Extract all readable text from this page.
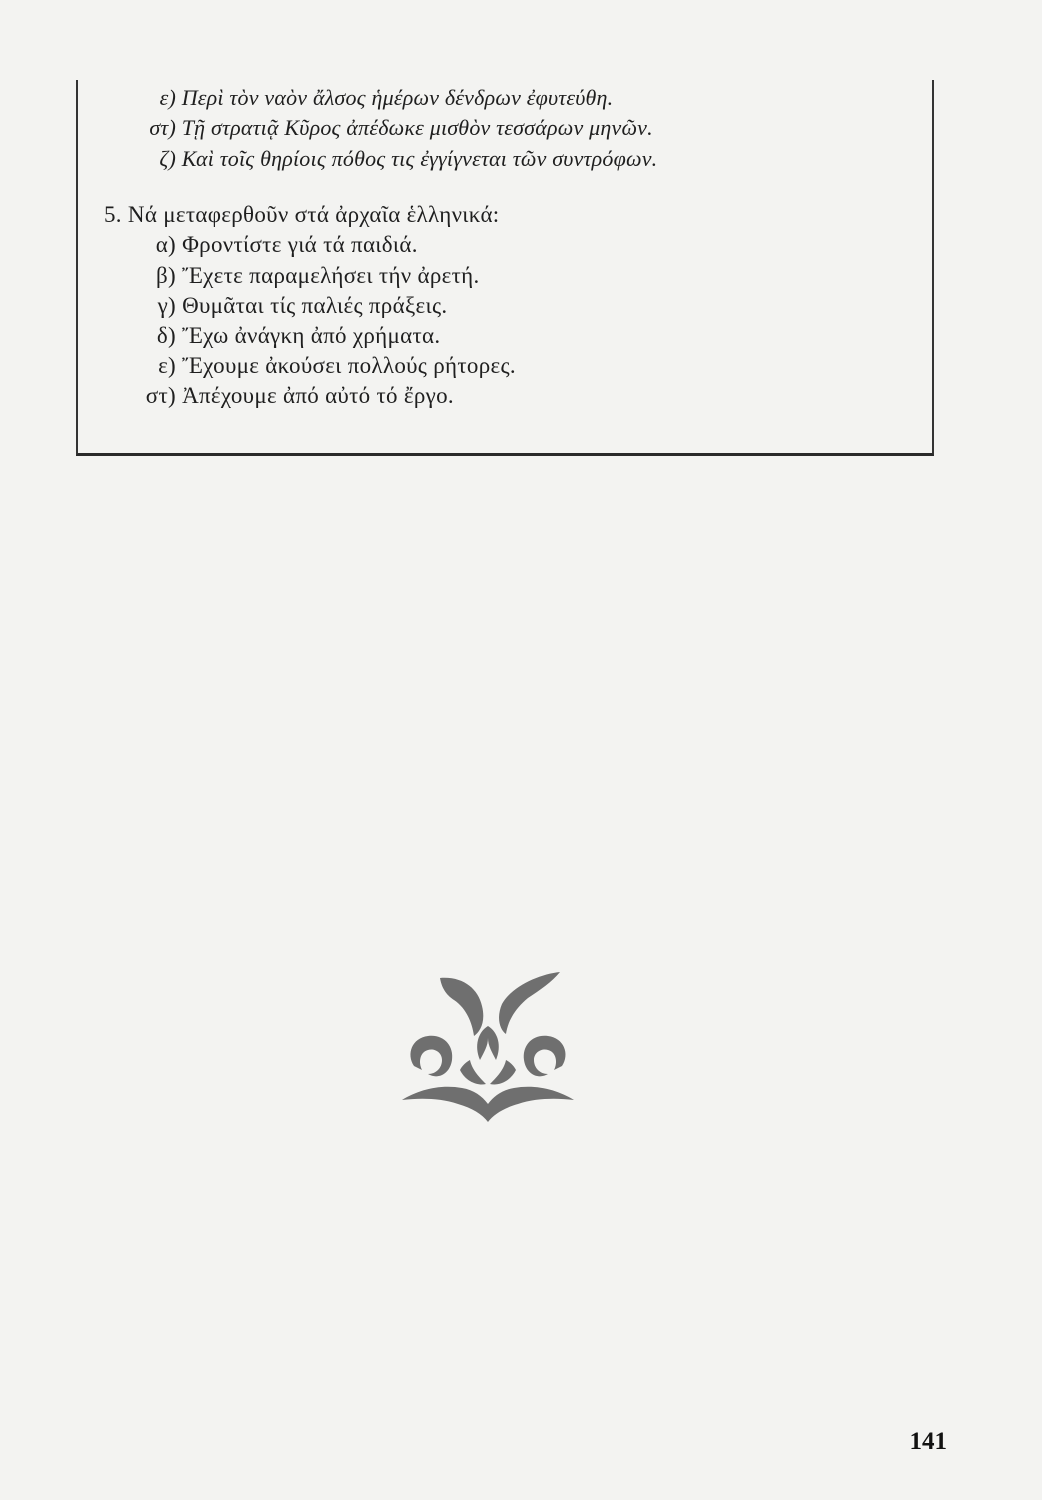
ε) Περὶ τὸν ναὸν ἄλσος ἡμέρων δένδρων ἐφυτεύθη.
στ) Τῇ στρατιᾷ Κῦρος ἀπέδωκε μισθὸν τεσσάρων μηνῶν.
ζ) Καὶ τοῖς θηρίοις πόθος τις ἐγγίγνεται τῶν συντρόφων.
5. Νά μεταφερθοῦν στά ἀρχαῖα ἑλληνικά:
α) Φροντίστε γιά τά παιδιά.
β) Ἔχετε παραμελήσει τήν ἀρετή.
γ) Θυμᾶται τίς παλιές πράξεις.
δ) Ἔχω ἀνάγκη ἀπό χρήματα.
ε) Ἔχουμε ἀκούσει πολλούς ρήτορες.
στ) Ἀπέχουμε ἀπό αὐτό τό ἔργο.
141
